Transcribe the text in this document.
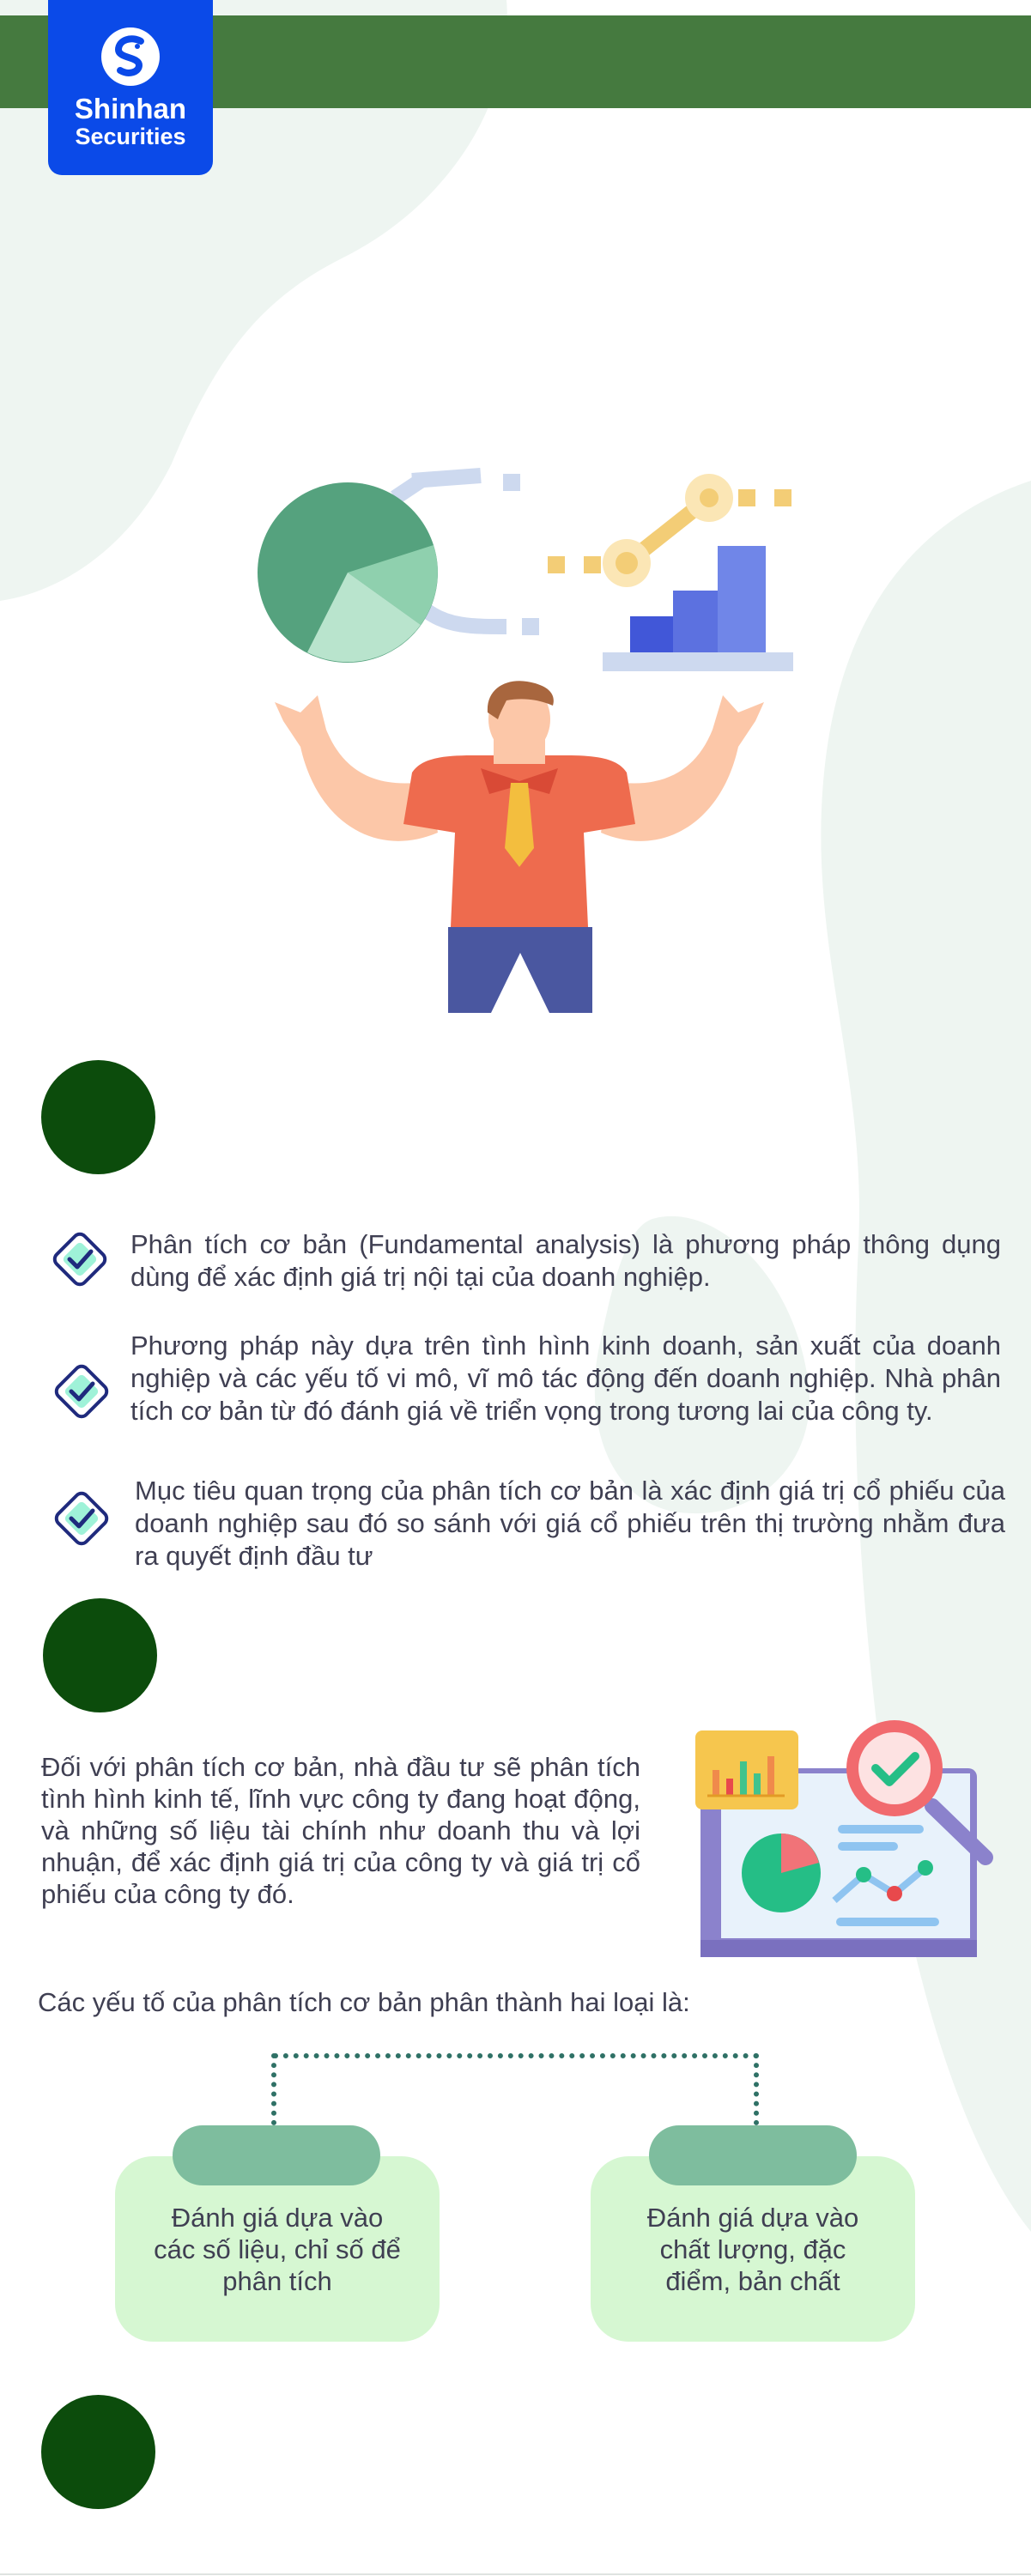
Shinhan
Securities
Phân tích cơ bản (Fundamental analysis) là phương pháp thông dụng dùng để xác định giá trị nội tại của doanh nghiệp.
Phương pháp này dựa trên tình hình kinh doanh, sản xuất của doanh nghiệp và các yếu tố vi mô, vĩ mô tác động đến doanh nghiệp. Nhà phân tích cơ bản từ đó đánh giá về triển vọng trong tương lai của công ty.
Mục tiêu quan trọng của phân tích cơ bản là xác định giá trị cổ phiếu của doanh nghiệp sau đó so sánh với giá cổ phiếu trên thị trường nhằm đưa ra quyết định đầu tư
Đối với phân tích cơ bản, nhà đầu tư sẽ phân tích tình hình kinh tế, lĩnh vực công ty đang hoạt động, và những số liệu tài chính như doanh thu và lợi nhuận, để xác định giá trị của công ty và giá trị cổ phiếu của công ty đó.
Các yếu tố của phân tích cơ bản phân thành hai loại là:
Đánh giá dựa vào các số liệu, chỉ số để phân tích
Đánh giá dựa vào chất lượng, đặc điểm, bản chất
